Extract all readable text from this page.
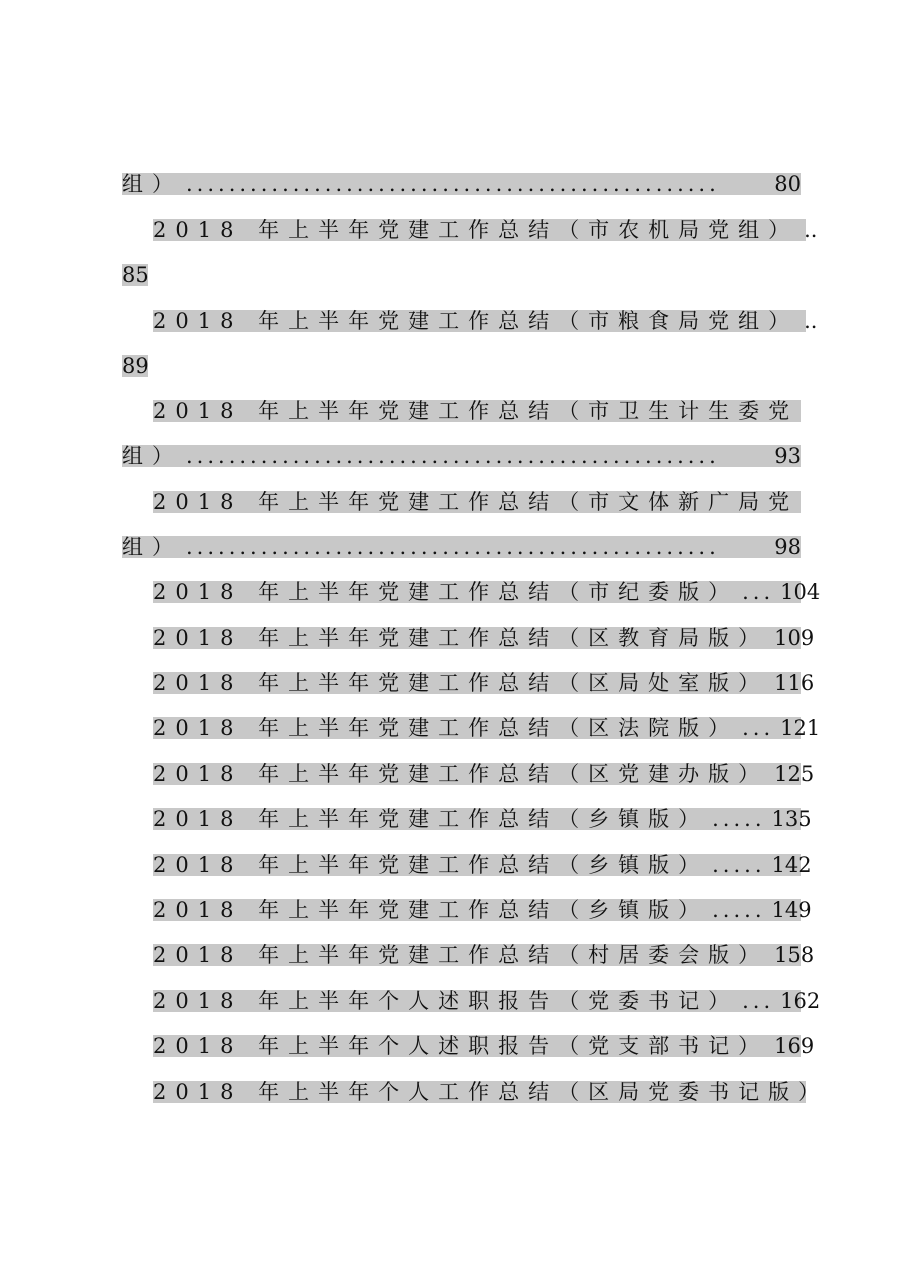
组） ..................................................	80
2018 年上半年党建工作总结（市农机局党组） ..
85
2018 年上半年党建工作总结（市粮食局党组） ..
89
2018 年上半年党建工作总结（市卫生计生委党
组） ..................................................	93
2018 年上半年党建工作总结（市文体新广局党
组） ..................................................	98
2018 年上半年党建工作总结（市纪委版） ... 104
2018 年上半年党建工作总结（区教育局版） 109
2018 年上半年党建工作总结（区局处室版） 116
2018 年上半年党建工作总结（区法院版） ... 121
2018 年上半年党建工作总结（区党建办版） 125
2018 年上半年党建工作总结（乡镇版） ..... 135
2018 年上半年党建工作总结（乡镇版） ..... 142
2018 年上半年党建工作总结（乡镇版） ..... 149
2018 年上半年党建工作总结（村居委会版） 158
2018 年上半年个人述职报告（党委书记） ... 162
2018 年上半年个人述职报告（党支部书记） 169
2018 年上半年个人工作总结（区局党委书记版）
